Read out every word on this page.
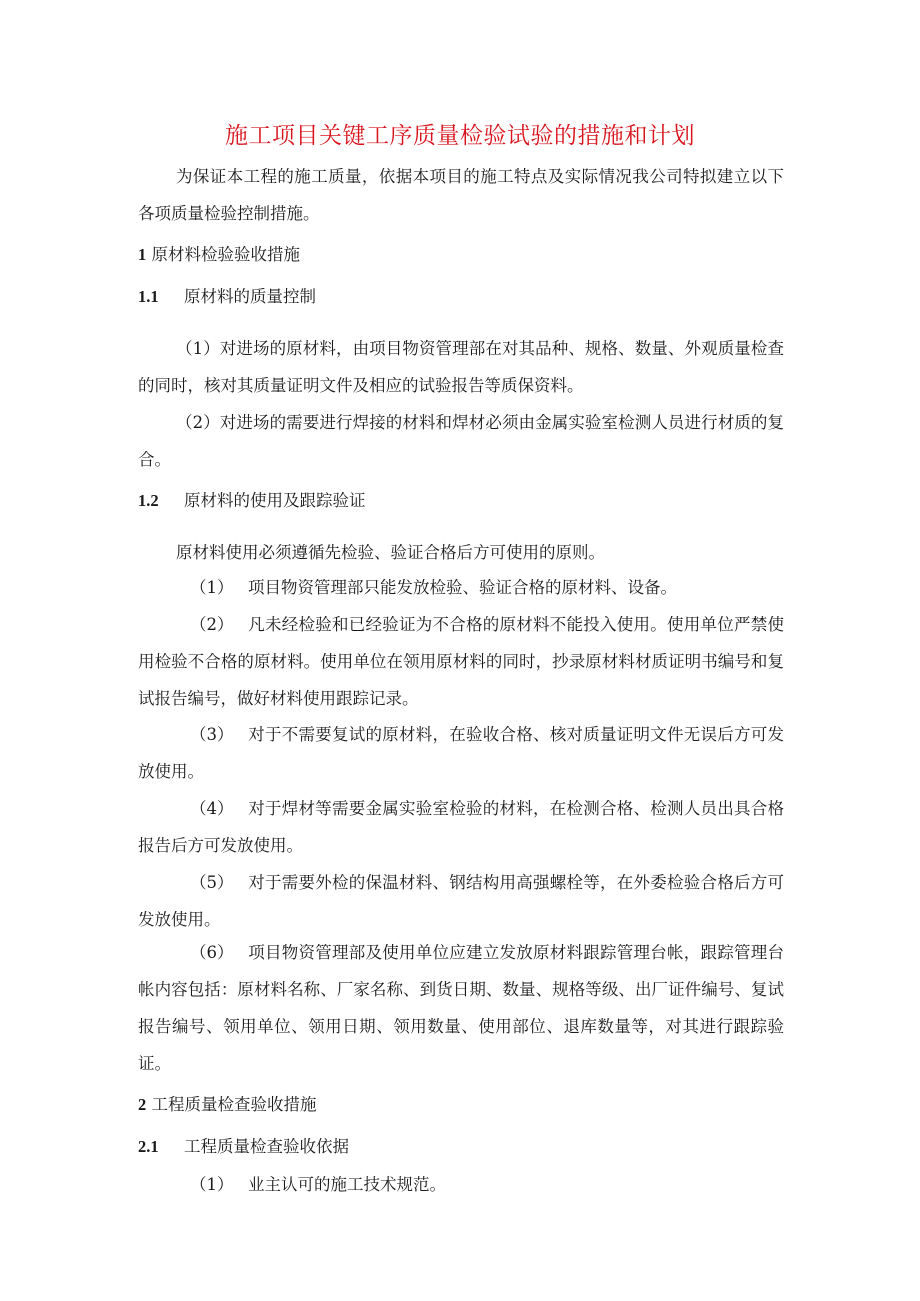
施工项目关键工序质量检验试验的措施和计划
为保证本工程的施工质量，依据本项目的施工特点及实际情况我公司特拟建立以下各项质量检验控制措施。
1 原材料检验验收措施
1.1 原材料的质量控制
（1）对进场的原材料，由项目物资管理部在对其品种、规格、数量、外观质量检查的同时，核对其质量证明文件及相应的试验报告等质保资料。
（2）对进场的需要进行焊接的材料和焊材必须由金属实验室检测人员进行材质的复合。
1.2 原材料的使用及跟踪验证
原材料使用必须遵循先检验、验证合格后方可使用的原则。
（1） 项目物资管理部只能发放检验、验证合格的原材料、设备。
（2） 凡未经检验和已经验证为不合格的原材料不能投入使用。使用单位严禁使用检验不合格的原材料。使用单位在领用原材料的同时，抄录原材料材质证明书编号和复试报告编号，做好材料使用跟踪记录。
（3） 对于不需要复试的原材料，在验收合格、核对质量证明文件无误后方可发放使用。
（4） 对于焊材等需要金属实验室检验的材料，在检测合格、检测人员出具合格报告后方可发放使用。
（5） 对于需要外检的保温材料、钢结构用高强螺栓等，在外委检验合格后方可发放使用。
（6） 项目物资管理部及使用单位应建立发放原材料跟踪管理台帐，跟踪管理台帐内容包括：原材料名称、厂家名称、到货日期、数量、规格等级、出厂证件编号、复试报告编号、领用单位、领用日期、领用数量、使用部位、退库数量等，对其进行跟踪验证。
2 工程质量检查验收措施
2.1 工程质量检查验收依据
（1） 业主认可的施工技术规范。
